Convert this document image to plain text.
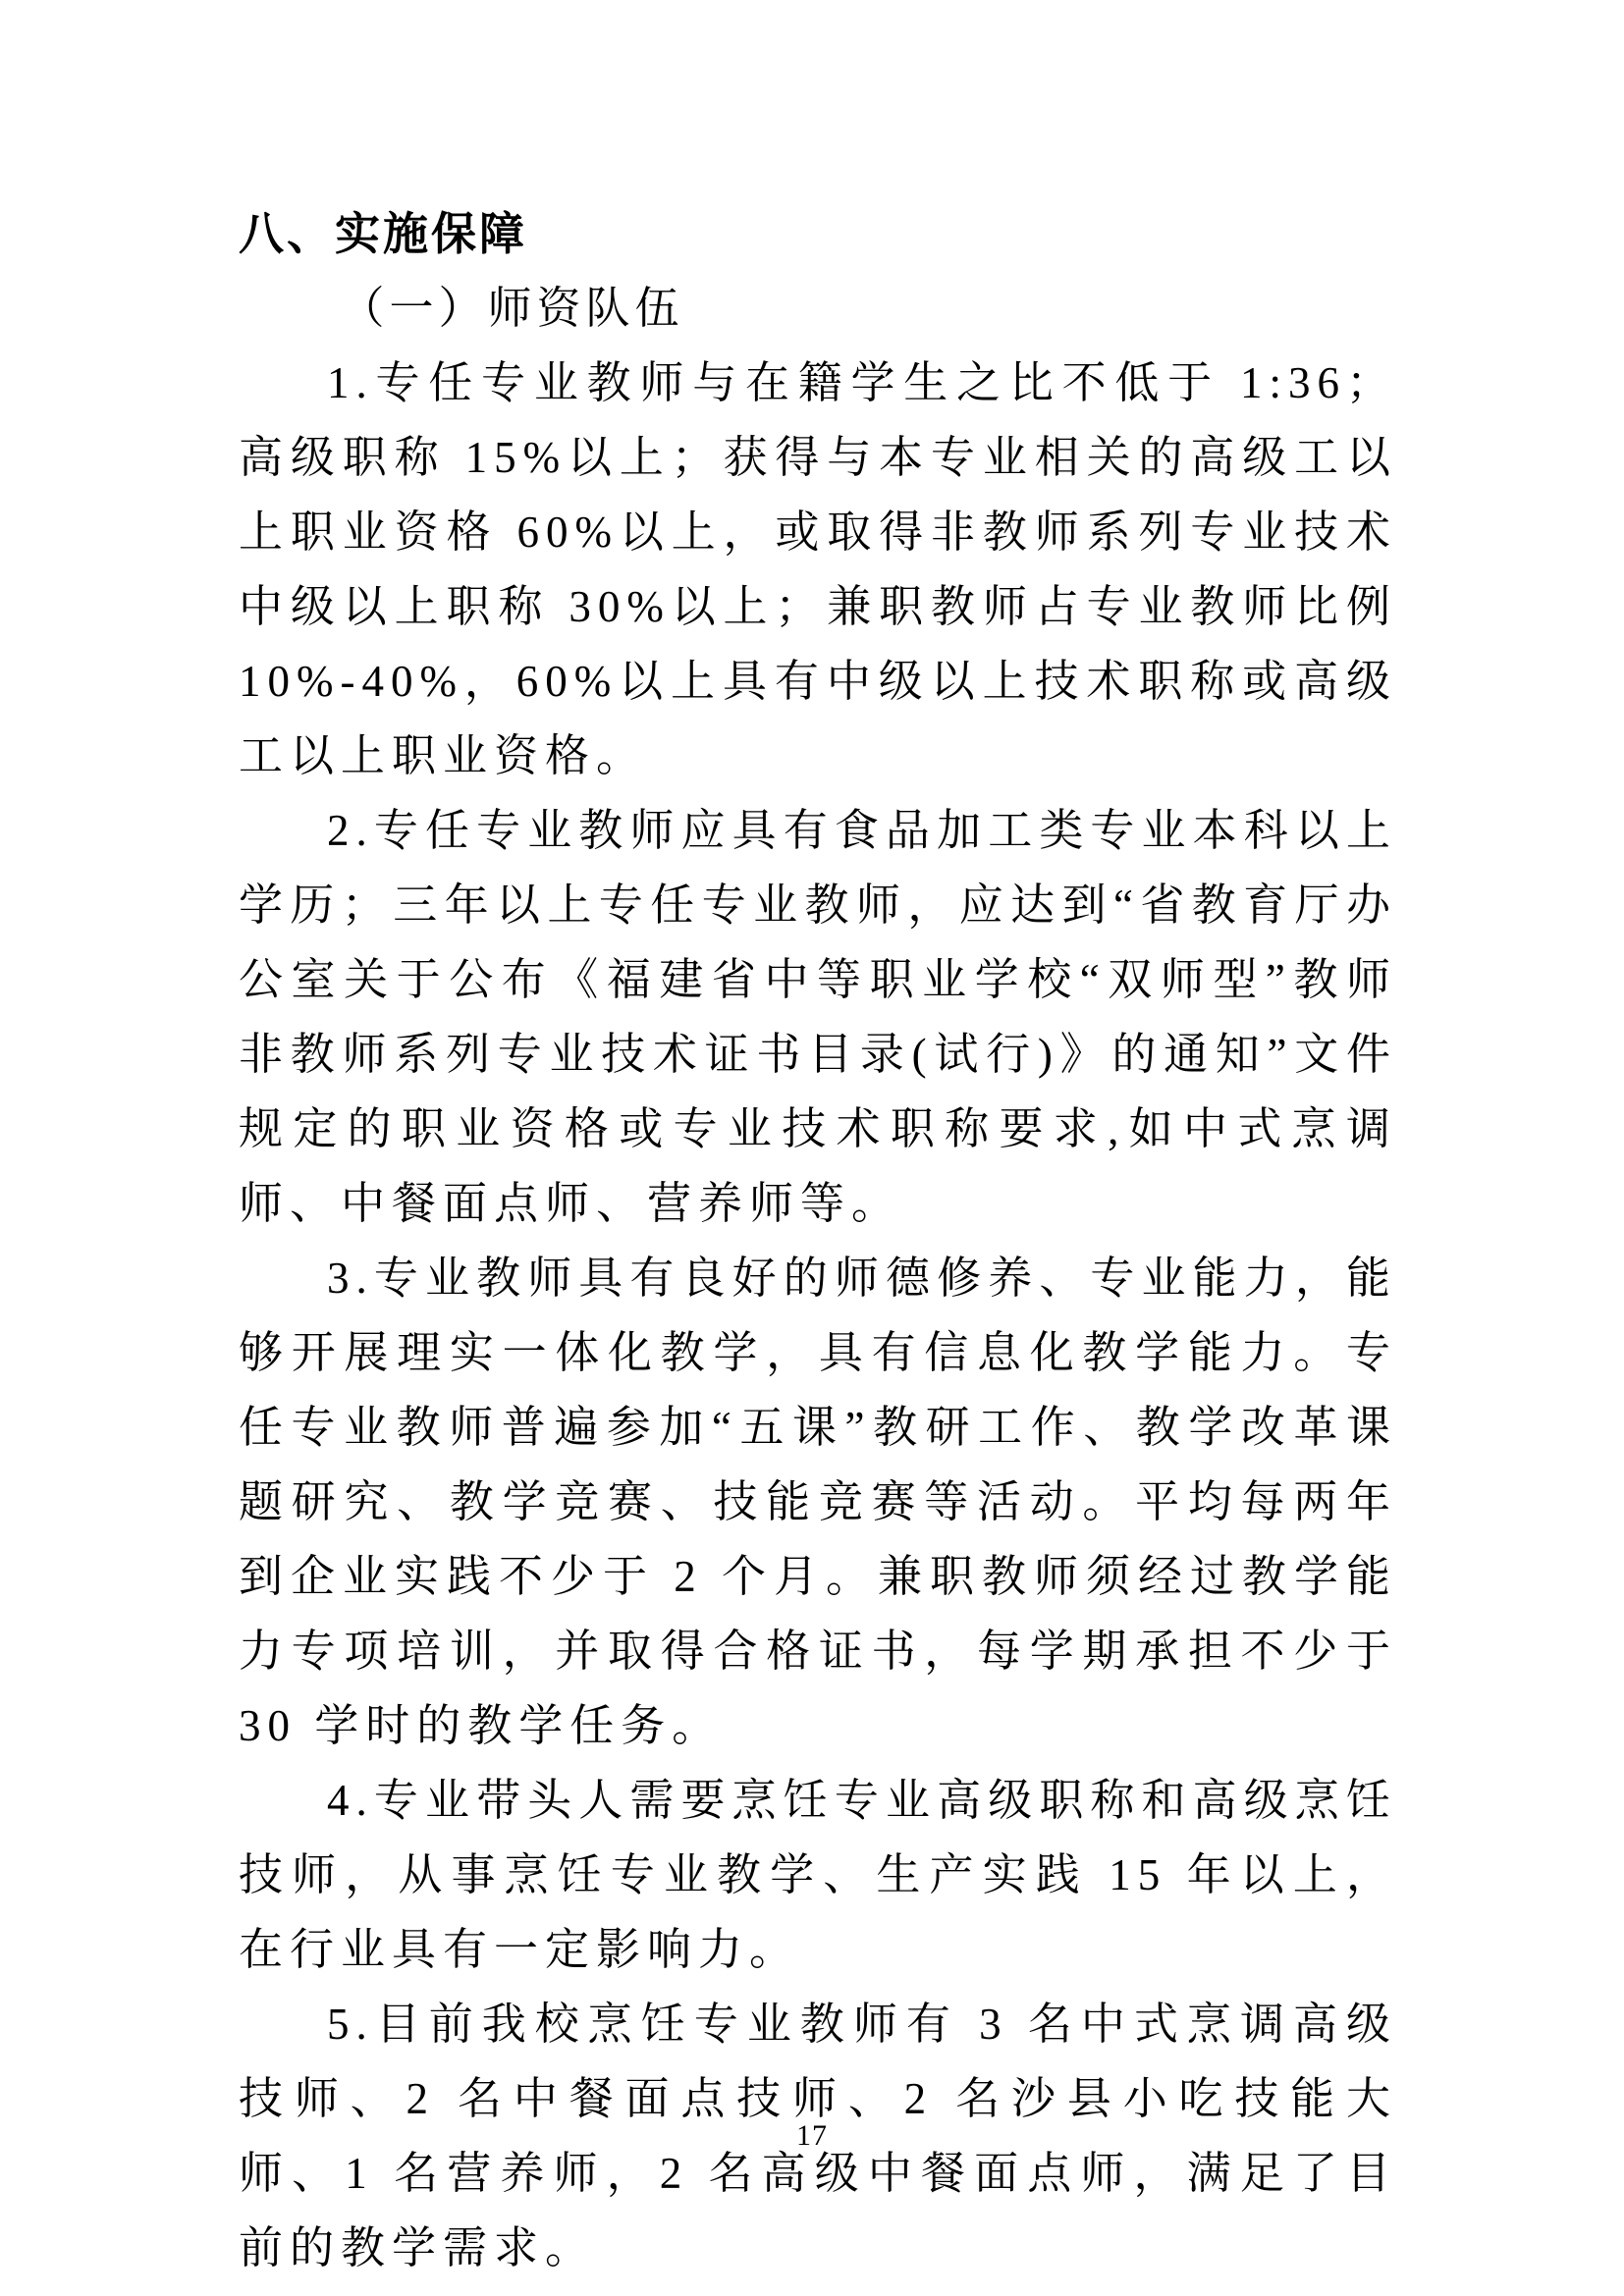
八、实施保障
（一）师资队伍

1.专任专业教师与在籍学生之比不低于 1:36；高级职称 15%以上；获得与本专业相关的高级工以上职业资格 60%以上，或取得非教师系列专业技术中级以上职称 30%以上；兼职教师占专业教师比例 10%-40%，60%以上具有中级以上技术职称或高级工以上职业资格。

2.专任专业教师应具有食品加工类专业本科以上学历；三年以上专任专业教师，应达到“省教育厅办公室关于公布《福建省中等职业学校“双师型”教师非教师系列专业技术证书目录(试行)》的通知”文件规定的职业资格或专业技术职称要求,如中式烹调师、中餐面点师、营养师等。

3.专业教师具有良好的师德修养、专业能力，能够开展理实一体化教学，具有信息化教学能力。专任专业教师普遍参加“五课”教研工作、教学改革课题研究、教学竞赛、技能竞赛等活动。平均每两年到企业实践不少于 2 个月。兼职教师须经过教学能力专项培训，并取得合格证书，每学期承担不少于 30 学时的教学任务。

4.专业带头人需要烹饪专业高级职称和高级烹饪技师，从事烹饪专业教学、生产实践 15 年以上，在行业具有一定影响力。

5.目前我校烹饪专业教师有 3 名中式烹调高级技师、2 名中餐面点技师、2 名沙县小吃技能大师、1 名营养师，2 名高级中餐面点师，满足了目前的教学需求。

17
